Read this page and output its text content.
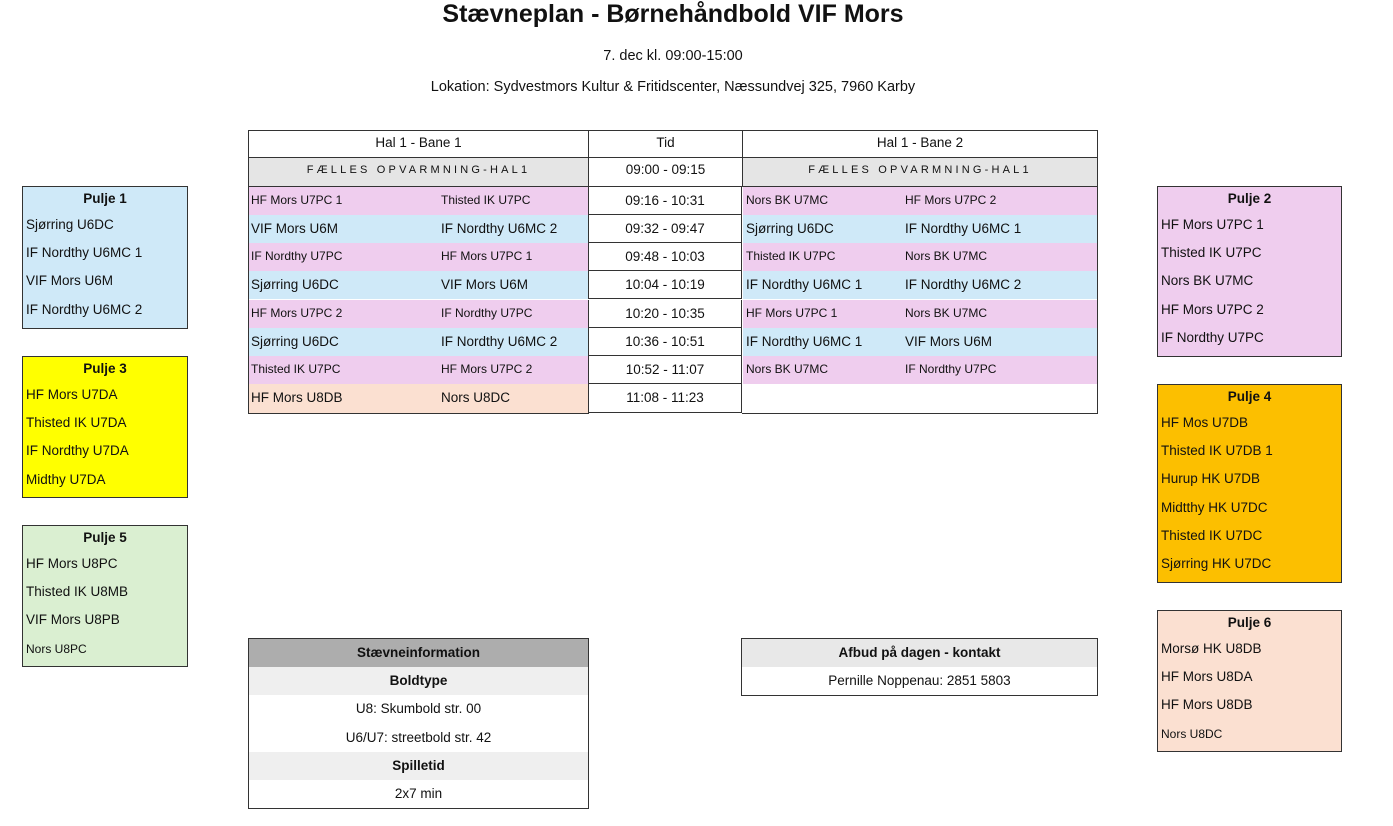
Stævneplan - Børnehåndbold VIF Mors
7. dec kl. 09:00-15:00
Lokation: Sydvestmors Kultur & Fritidscenter, Næssundvej 325, 7960 Karby
Pulje 1
Sjørring U6DC
IF Nordthy U6MC 1
VIF Mors U6M
IF Nordthy U6MC 2
Pulje 3
HF Mors U7DA
Thisted IK U7DA
IF Nordthy U7DA
Midthy U7DA
Pulje 5
HF Mors U8PC
Thisted IK U8MB
VIF Mors U8PB
Nors U8PC
Pulje 2
HF Mors U7PC 1
Thisted IK U7PC
Nors BK U7MC
HF Mors U7PC 2
IF Nordthy U7PC
Pulje 4
HF Mos U7DB
Thisted IK U7DB 1
Hurup HK U7DB
Midtthy HK U7DC
Thisted IK U7DC
Sjørring HK U7DC
Pulje 6
Morsø HK U8DB
HF Mors U8DA
HF Mors U8DB
Nors U8DC
Hal 1 - Bane 1	Tid	Hal 1 - Bane 2
FÆLLES OPVARMNING-HAL1	09:00 - 09:15	FÆLLES OPVARMNING-HAL1
HF Mors U7PC 1	Thisted IK U7PC	09:16 - 10:31	Nors BK U7MC	HF Mors U7PC 2
VIF Mors U6M	IF Nordthy U6MC 2	09:32 - 09:47	Sjørring U6DC	IF Nordthy U6MC 1
IF Nordthy U7PC	HF Mors U7PC 1	09:48 - 10:03	Thisted IK U7PC	Nors BK U7MC
Sjørring U6DC	VIF Mors U6M	10:04 - 10:19	IF Nordthy U6MC 1	IF Nordthy U6MC 2
HF Mors U7PC 2	IF Nordthy U7PC	10:20 - 10:35	HF Mors U7PC 1	Nors BK U7MC
Sjørring U6DC	IF Nordthy U6MC 2	10:36 - 10:51	IF Nordthy U6MC 1	VIF Mors U6M
Thisted IK U7PC	HF Mors U7PC 2	10:52 - 11:07	Nors BK U7MC	IF Nordthy U7PC
HF Mors U8DB	Nors U8DC	11:08 - 11:23
Stævneinformation
Boldtype
U8: Skumbold str. 00
U6/U7: streetbold str. 42
Spilletid
2x7 min
Afbud på dagen - kontakt
Pernille Noppenau: 2851 5803
